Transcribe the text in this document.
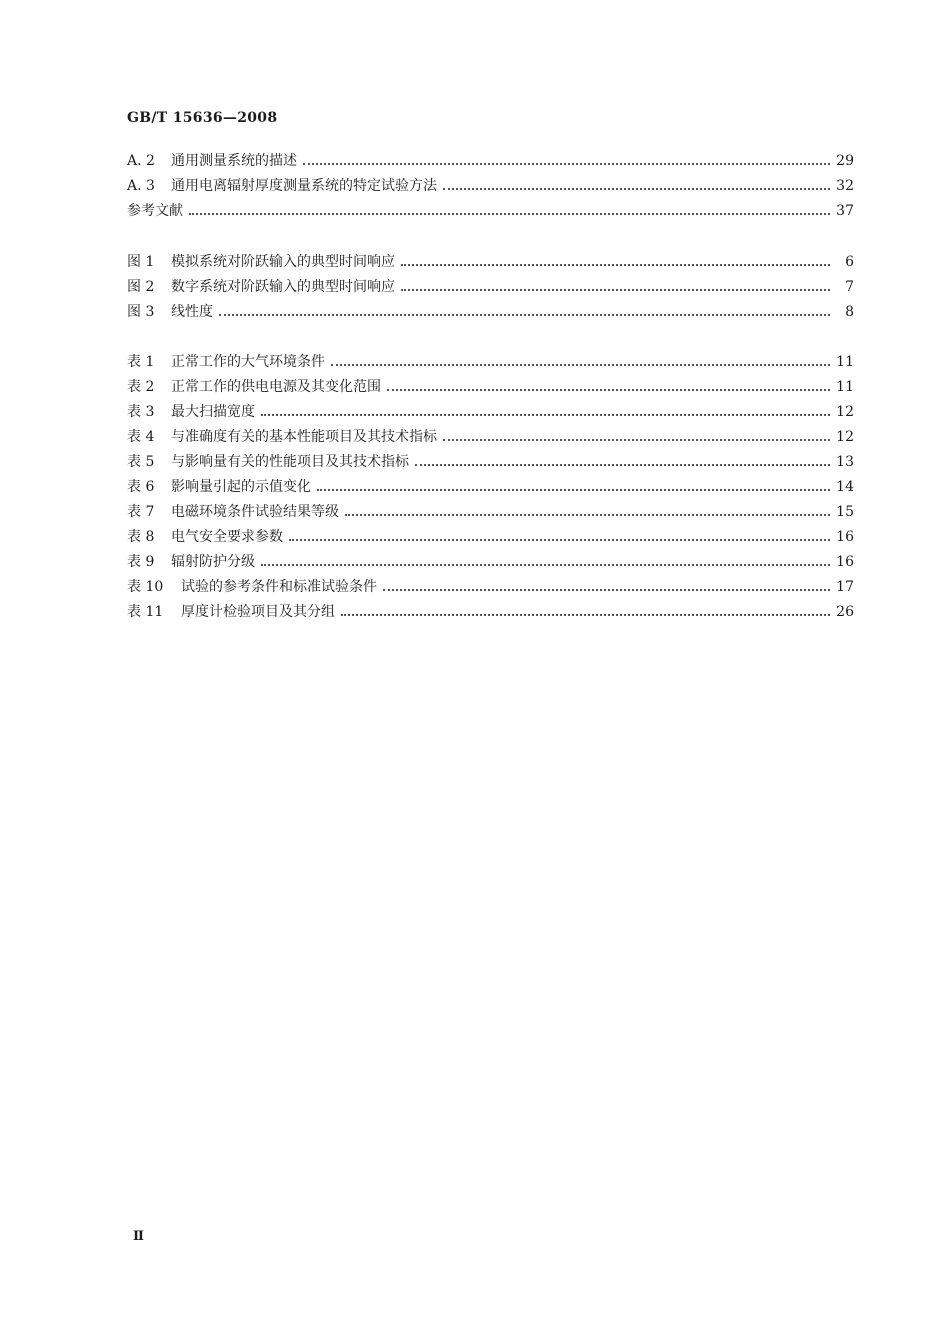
GB/T 15636—2008
A. 2 通用测量系统的描述	29
A. 3 通用电离辐射厚度测量系统的特定试验方法	32
参考文献	37
图 1 模拟系统对阶跃输入的典型时间响应	6
图 2 数字系统对阶跃输入的典型时间响应	7
图 3 线性度	8
表 1 正常工作的大气环境条件	11
表 2 正常工作的供电电源及其变化范围	11
表 3 最大扫描宽度	12
表 4 与准确度有关的基本性能项目及其技术指标	12
表 5 与影响量有关的性能项目及其技术指标	13
表 6 影响量引起的示值变化	14
表 7 电磁环境条件试验结果等级	15
表 8 电气安全要求参数	16
表 9 辐射防护分级	16
表 10 试验的参考条件和标准试验条件	17
表 11 厚度计检验项目及其分组	26
Ⅱ
